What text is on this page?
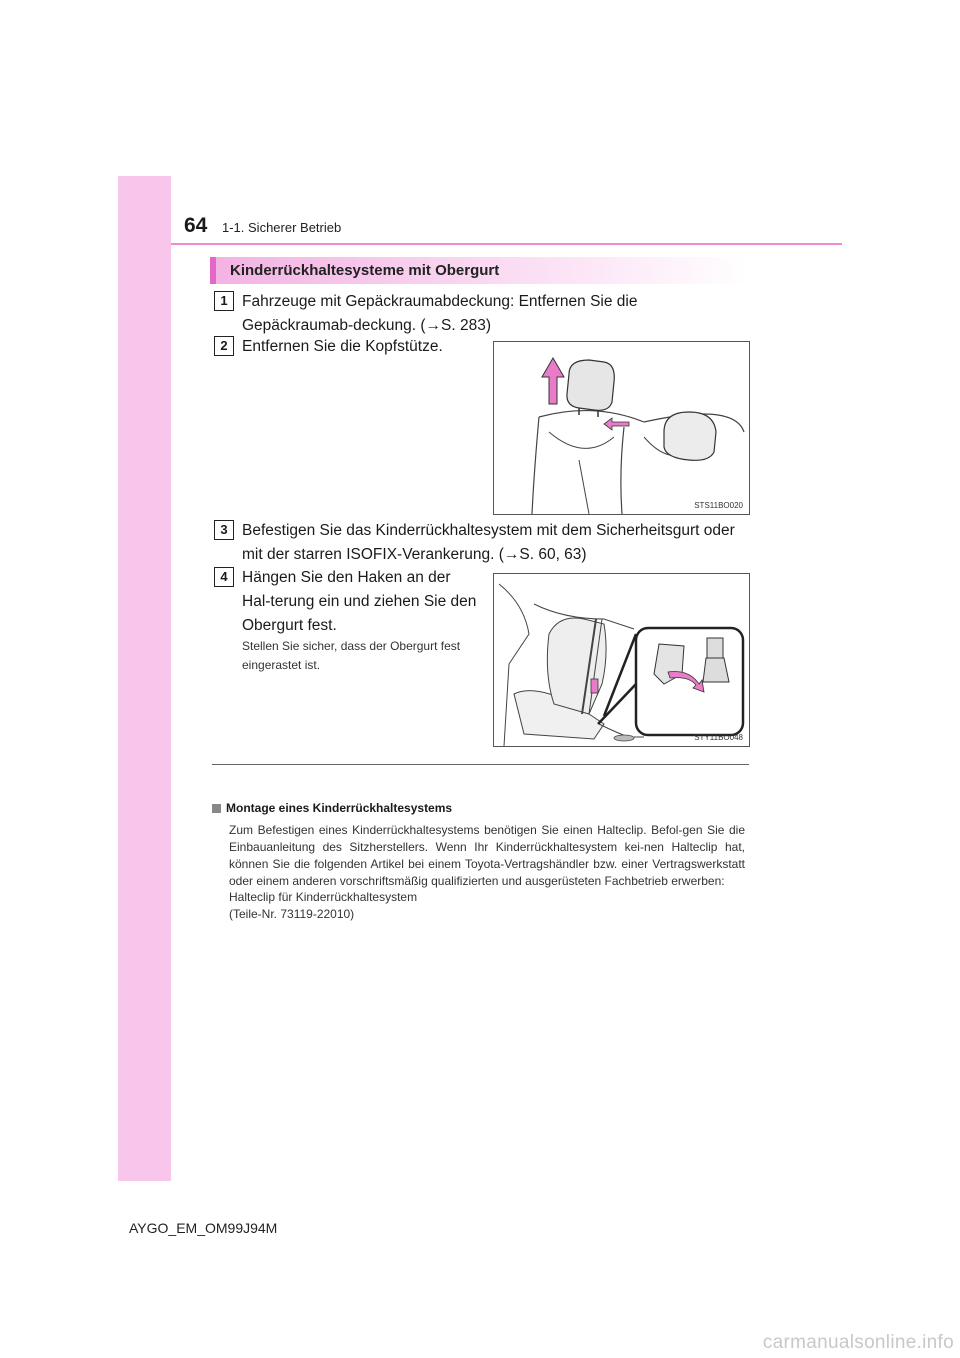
64 1-1. Sicherer Betrieb
Kinderrückhaltesysteme mit Obergurt
1 Fahrzeuge mit Gepäckraumabdeckung: Entfernen Sie die Gepäckraumab-deckung. (→S. 283)
2 Entfernen Sie die Kopfstütze.
STS11BO020
3 Befestigen Sie das Kinderrückhaltesystem mit dem Sicherheitsgurt oder mit der starren ISOFIX-Verankerung. (→S. 60, 63)
4 Hängen Sie den Haken an der Hal-terung ein und ziehen Sie den Obergurt fest.
Stellen Sie sicher, dass der Obergurt fest eingerastet ist.
STY11BO048
Montage eines Kinderrückhaltesystems
Zum Befestigen eines Kinderrückhaltesystems benötigen Sie einen Halteclip. Befol-gen Sie die Einbauanleitung des Sitzherstellers. Wenn Ihr Kinderrückhaltesystem kei-nen Halteclip hat, können Sie die folgenden Artikel bei einem Toyota-Vertragshändler bzw. einer Vertragswerkstatt oder einem anderen vorschriftsmäßig qualifizierten und ausgerüsteten Fachbetrieb erwerben:
Halteclip für Kinderrückhaltesystem
(Teile-Nr. 73119-22010)
AYGO_EM_OM99J94M
carmanualsonline.info
